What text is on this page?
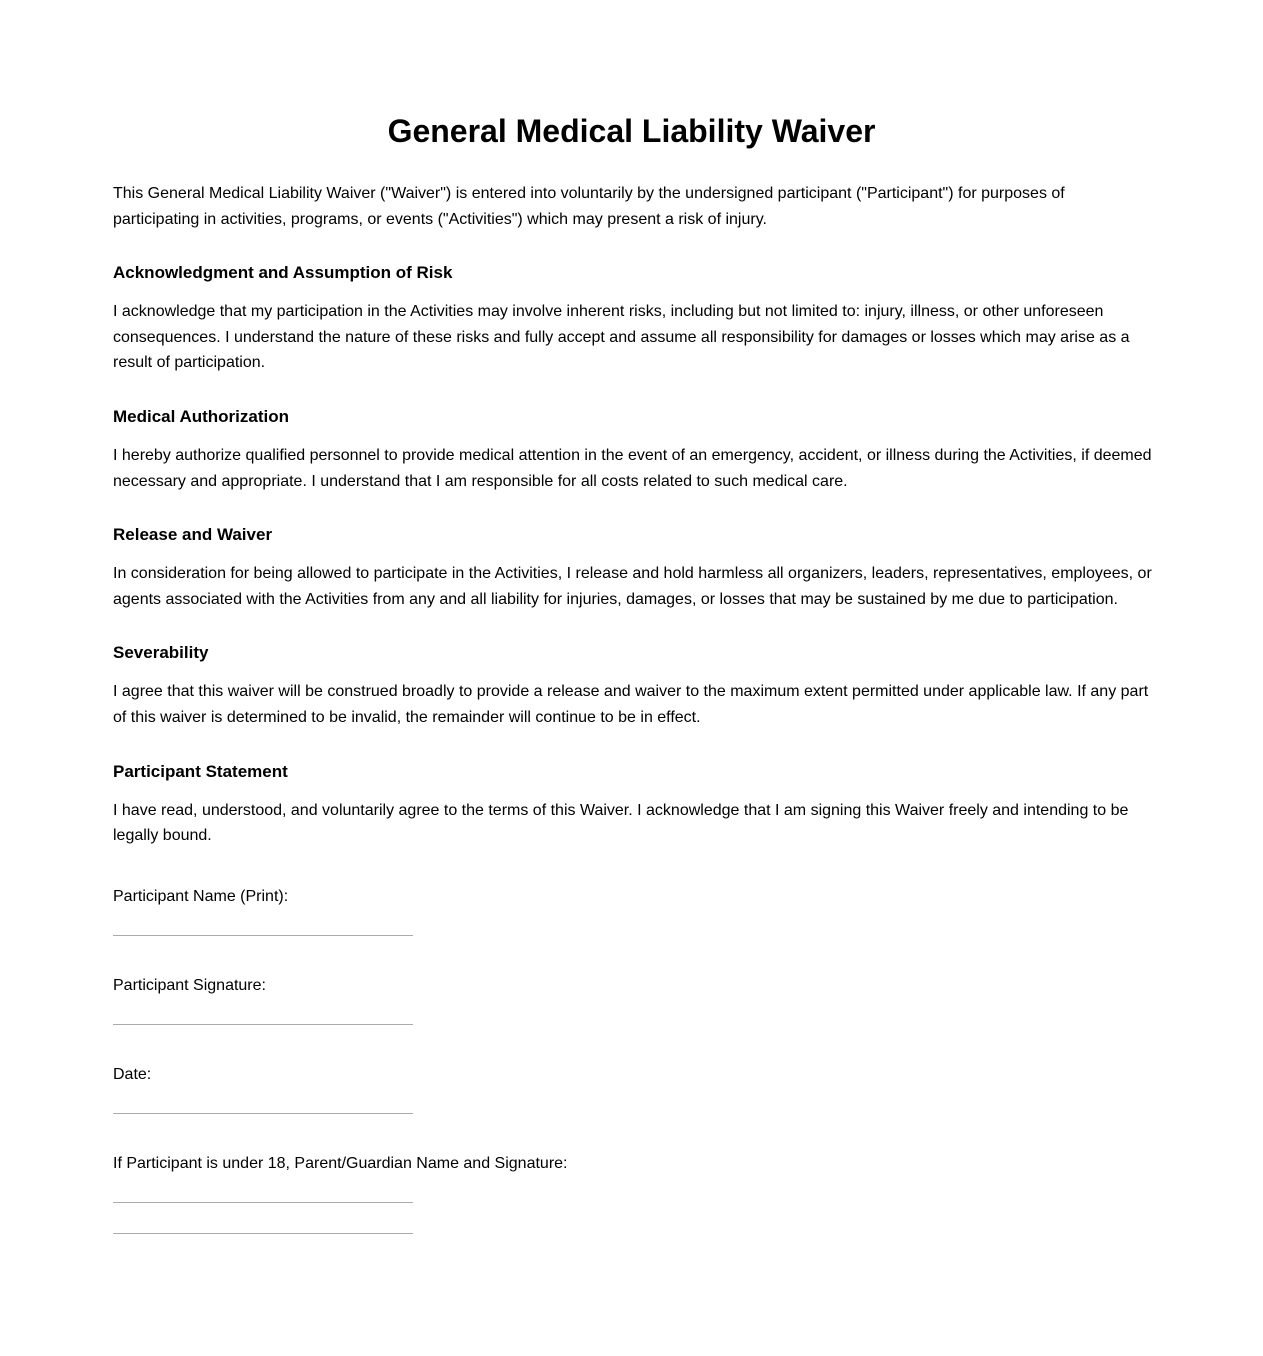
General Medical Liability Waiver

This General Medical Liability Waiver ("Waiver") is entered into voluntarily by the undersigned participant ("Participant") for purposes of participating in activities, programs, or events ("Activities") which may present a risk of injury.

Acknowledgment and Assumption of Risk

I acknowledge that my participation in the Activities may involve inherent risks, including but not limited to: injury, illness, or other unforeseen consequences. I understand the nature of these risks and fully accept and assume all responsibility for damages or losses which may arise as a result of participation.

Medical Authorization

I hereby authorize qualified personnel to provide medical attention in the event of an emergency, accident, or illness during the Activities, if deemed necessary and appropriate. I understand that I am responsible for all costs related to such medical care.

Release and Waiver

In consideration for being allowed to participate in the Activities, I release and hold harmless all organizers, leaders, representatives, employees, or agents associated with the Activities from any and all liability for injuries, damages, or losses that may be sustained by me due to participation.

Severability

I agree that this waiver will be construed broadly to provide a release and waiver to the maximum extent permitted under applicable law. If any part of this waiver is determined to be invalid, the remainder will continue to be in effect.

Participant Statement

I have read, understood, and voluntarily agree to the terms of this Waiver. I acknowledge that I am signing this Waiver freely and intending to be legally bound.

Participant Name (Print):
Participant Signature:
Date:
If Participant is under 18, Parent/Guardian Name and Signature:
